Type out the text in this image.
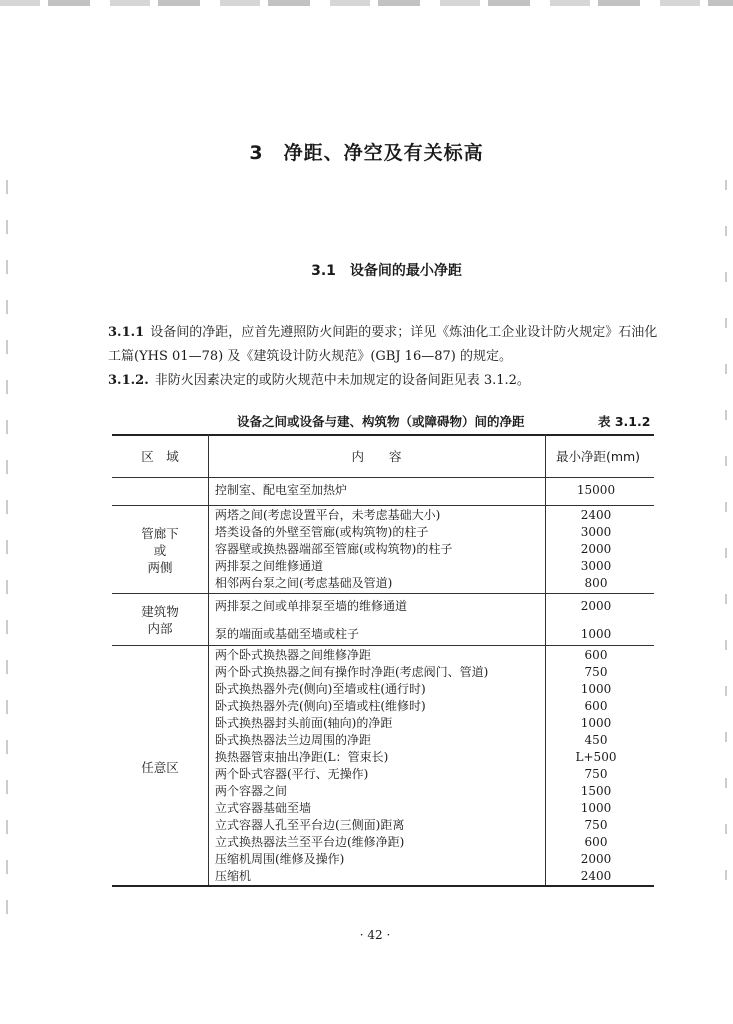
3　净距、净空及有关标高
3.1　设备间的最小净距
3.1.1 设备间的净距，应首先遵照防火间距的要求；详见《炼油化工企业设计防火规定》石油化工篇(YHS 01—78) 及《建筑设计防火规范》(GBJ 16—87) 的规定。
3.1.2. 非防火因素决定的或防火规范中未加规定的设备间距见表 3.1.2。
设备之间或设备与建、构筑物（或障碍物）间的净距	表 3.1.2
区　域	内　　容	最小净距(mm)
控制室、配电室至加热炉	15000
管廊下
或
两侧
两塔之间(考虑设置平台，未考虑基础大小)	2400
塔类设备的外壁至管廊(或构筑物)的柱子	3000
容器壁或换热器端部至管廊(或构筑物)的柱子	2000
两排泵之间维修通道	3000
相邻两台泵之间(考虑基础及管道)	800
建筑物
内部
两排泵之间或单排泵至墙的维修通道	2000
泵的端面或基础至墙或柱子	1000
任意区
两个卧式换热器之间维修净距	600
两个卧式换热器之间有操作时净距(考虑阀门、管道)	750
卧式换热器外壳(侧向)至墙或柱(通行时)	1000
卧式换热器外壳(侧向)至墙或柱(维修时)	600
卧式换热器封头前面(轴向)的净距	1000
卧式换热器法兰边周围的净距	450
换热器管束抽出净距(L：管束长)	L+500
两个卧式容器(平行、无操作)	750
两个容器之间	1500
立式容器基础至墙	1000
立式容器人孔至平台边(三侧面)距离	750
立式换热器法兰至平台边(维修净距)	600
压缩机周围(维修及操作)	2000
压缩机	2400
· 42 ·
